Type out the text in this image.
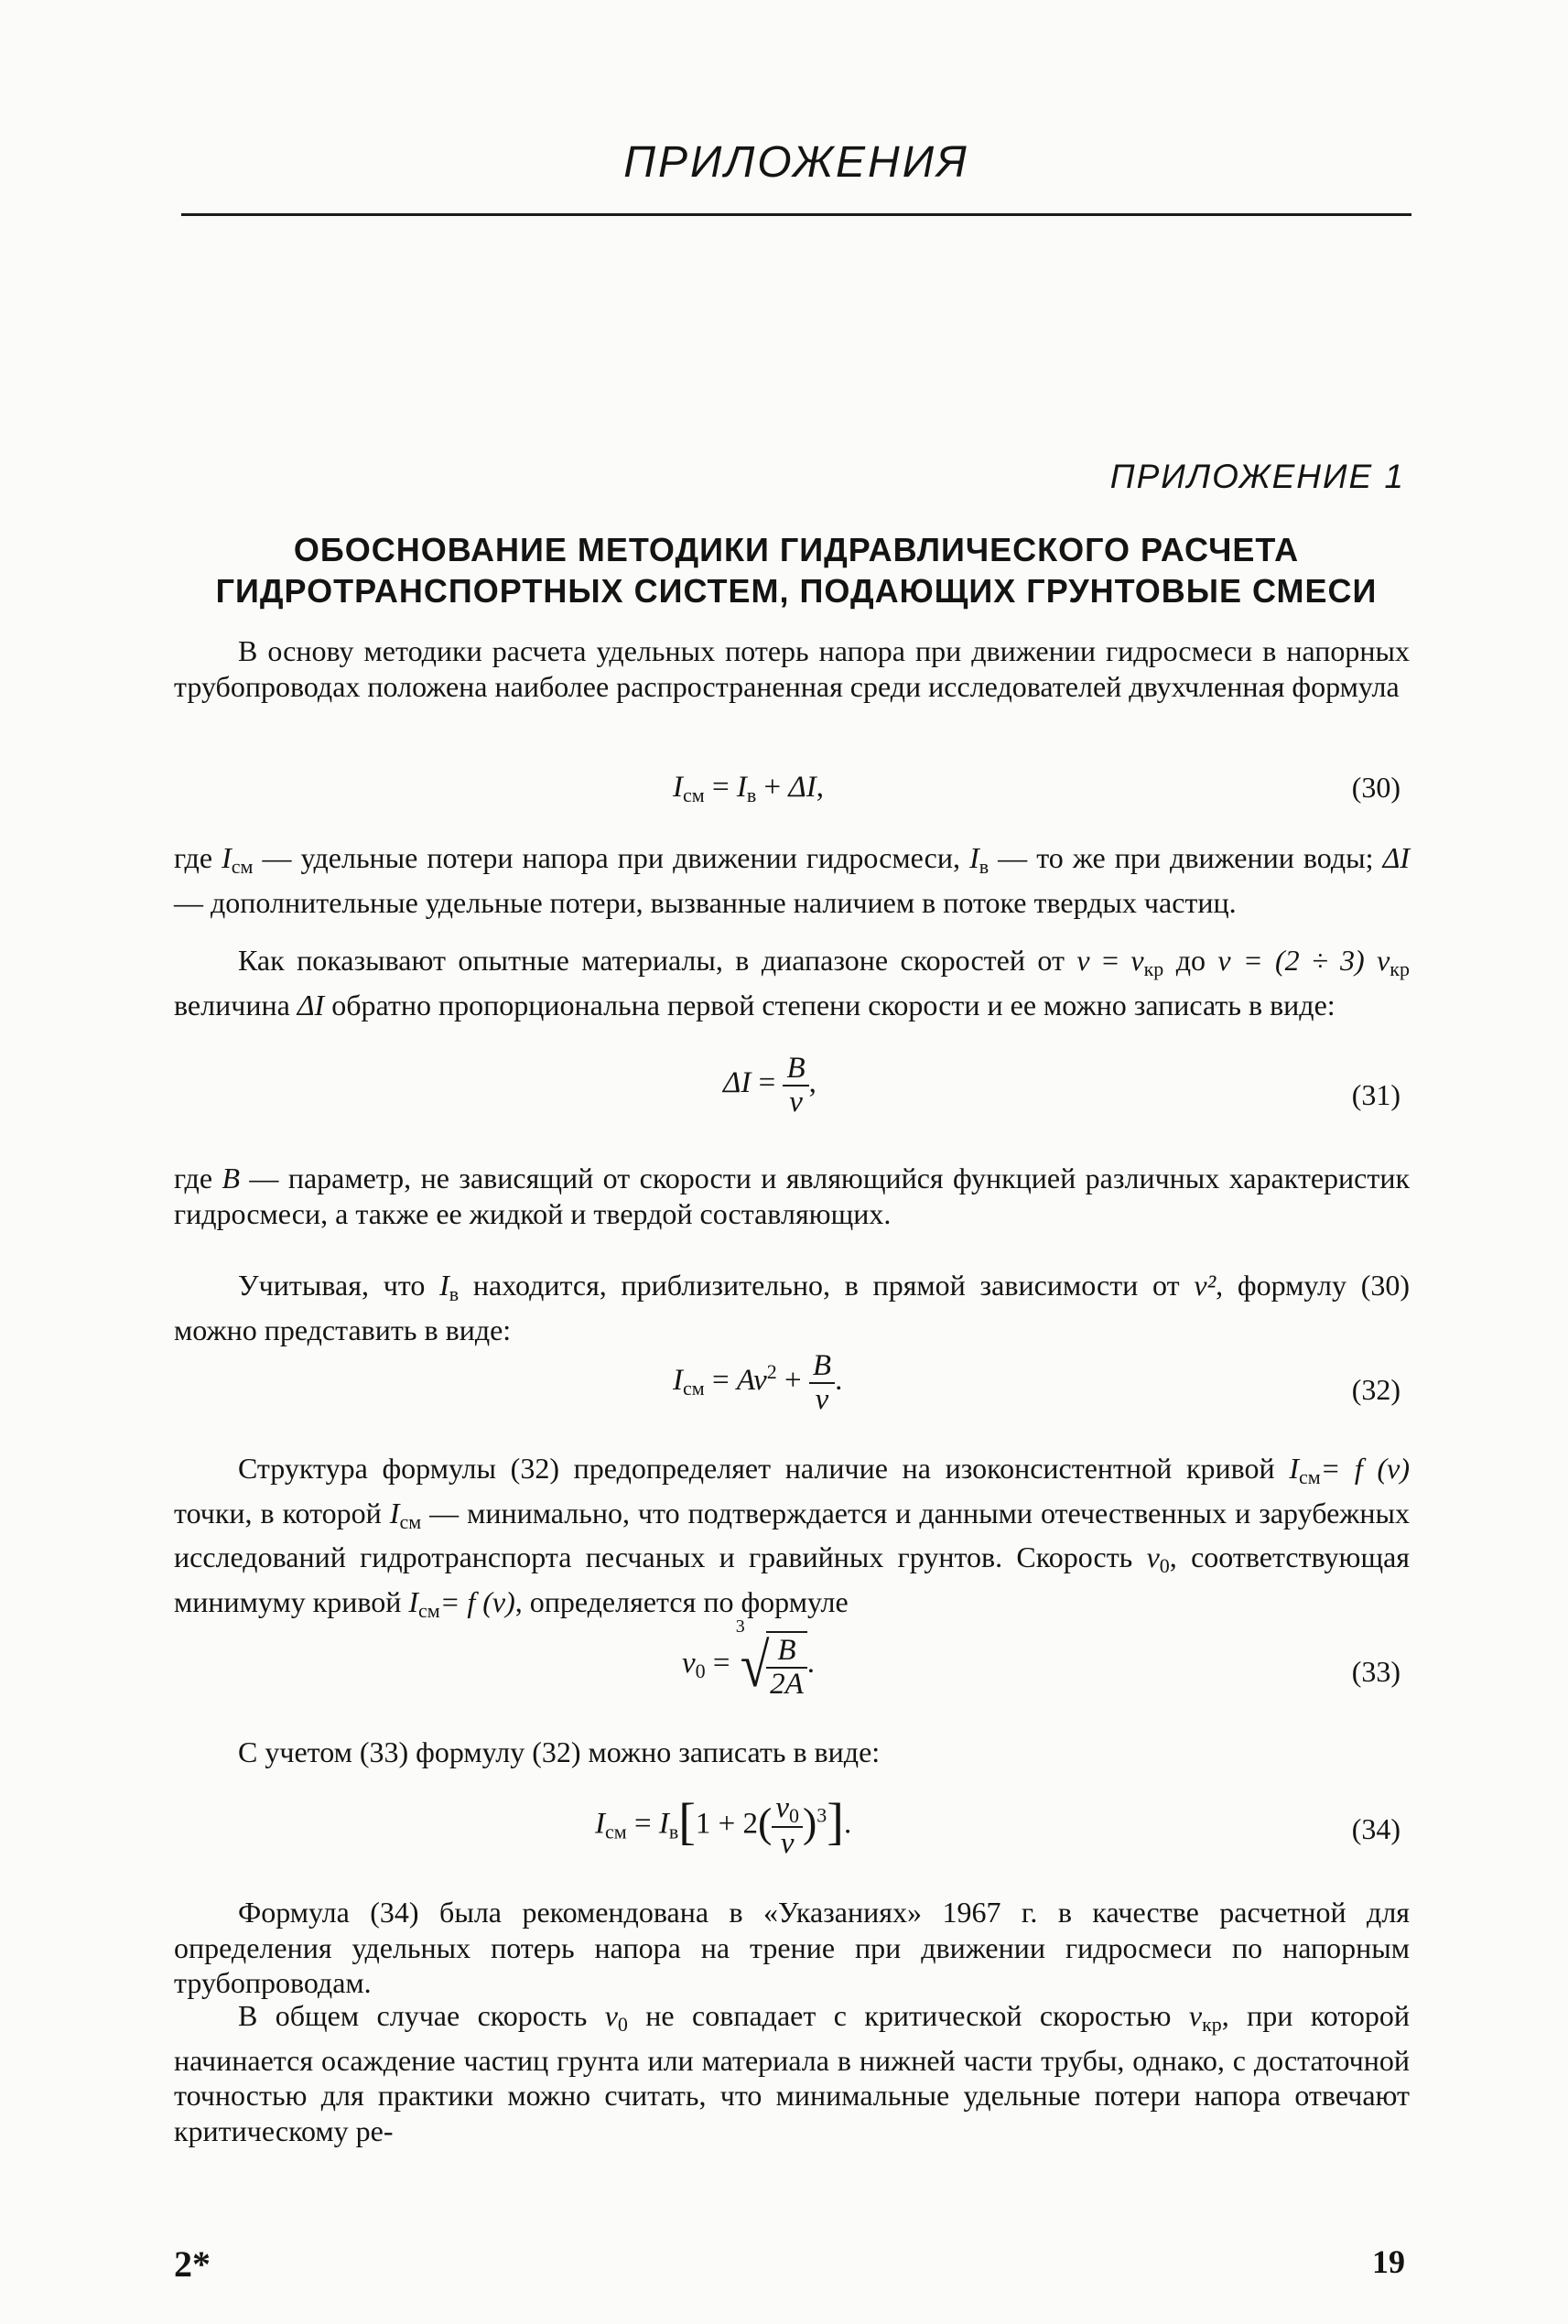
ПРИЛОЖЕНИЯ
ПРИЛОЖЕНИЕ 1
ОБОСНОВАНИЕ МЕТОДИКИ ГИДРАВЛИЧЕСКОГО РАСЧЕТА
ГИДРОТРАНСПОРТНЫХ СИСТЕМ, ПОДАЮЩИХ ГРУНТОВЫЕ СМЕСИ

В основу методики расчета удельных потерь напора при движении гидросмеси в напорных трубопроводах положена наиболее распространенная среди исследователей двухчленная формула

$I_{см} = I_в + \Delta I$,	(30)

где $I_{см}$ — удельные потери напора при движении гидросмеси, $I_в$ — то же при движении воды; ΔI — дополнительные удельные потери, вызванные наличием в потоке твердых частиц.

Как показывают опытные материалы, в диапазоне скоростей от $v = v_{кр}$ до v = (2 ÷ 3) $v_{кр}$ величина ΔI обратно пропорциональна первой степени скорости и ее можно записать в виде:

$\Delta I = \frac{B}{v}$ ,	(31)

где B — параметр, не зависящий от скорости и являющийся функцией различных характеристик гидросмеси, а также ее жидкой и твердой составляющих.

Учитывая, что $I_в$ находится, приблизительно, в прямой зависимости от v², формулу (30) можно представить в виде:

$I_{см} = Av^2 + \frac{B}{v}$ .	(32)

Структура формулы (32) предопределяет наличие на изоконсистентной кривой $I_{см}= f$ (v) точки, в которой $I_{см}$ — минимально, что подтверждается и данными отечественных и зарубежных исследований гидротранспорта песчаных и гравийных грунтов. Скорость $v_0$, соответствующая минимуму кривой $I_{см}= f$ (v), определяется по формуле

$v_0$ =
3
√
$\frac{B}{2A}$ .	(33)

С учетом (33) формулу (32) можно записать в виде:

$I_{см} = I_в[1 + 2( \frac{v_0}{v} )^3]$.	(34)

Формула (34) была рекомендована в «Указаниях» 1967 г. в качестве расчетной для определения удельных потерь напора на трение при движении гидросмеси по напорным трубопроводам.

В общем случае скорость $v_0$ не совпадает с критической скоростью $v_{кр}$, при которой начинается осаждение частиц грунта или материала в нижней части трубы, однако, с достаточной точностью для практики можно считать, что минимальные удельные потери напора отвечают критическому ре-

2*	19
